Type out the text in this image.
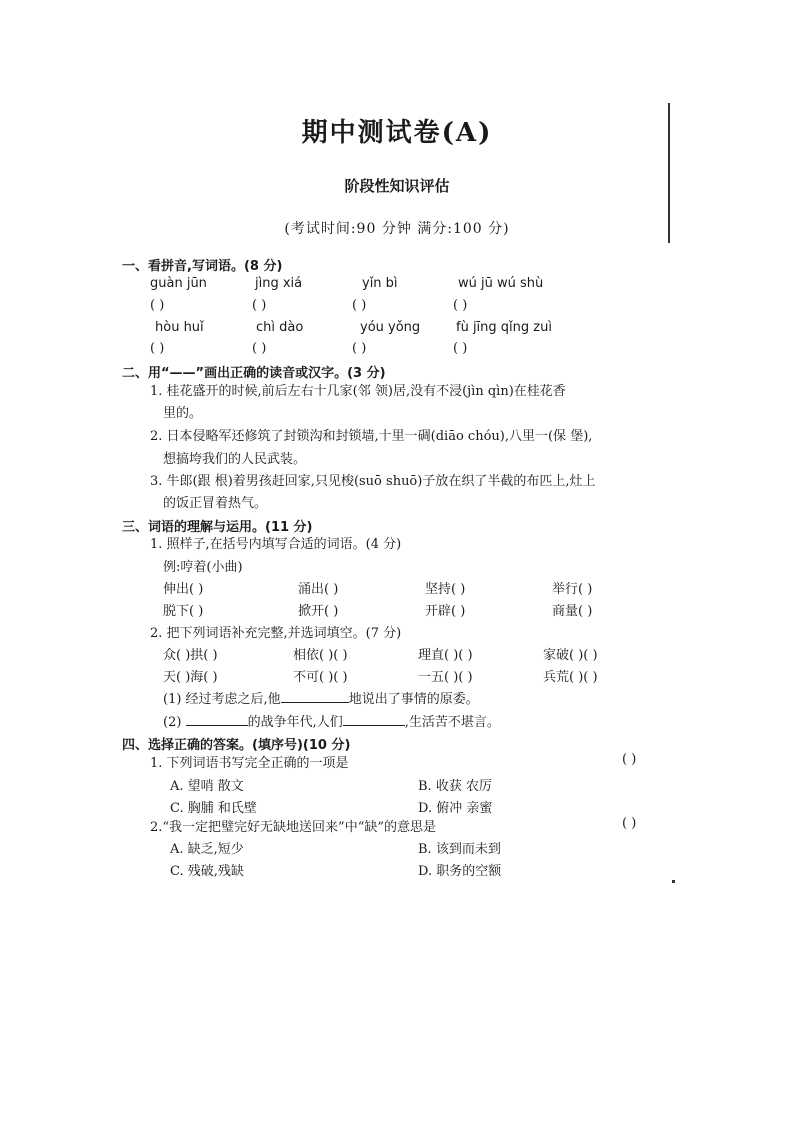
期中测试卷(A)
阶段性知识评估
(考试时间:90 分钟 满分:100 分)
一、看拼音,写词语。(8 分)
guàn jūn	jìng xiá	yǐn bì	wú jū wú shù
( )	( )	( )	( )
hòu huǐ	chì dào	yóu yǒng	fù jīng qǐng zuì
( )	( )	( )	( )
二、用“——”画出正确的读音或汉字。(3 分)
1. 桂花盛开的时候,前后左右十几家(邻 领)居,没有不浸(jìn qìn)在桂花香
里的。
2. 日本侵略军还修筑了封锁沟和封锁墙,十里一碉(diāo chóu),八里一(保 堡),
想搞垮我们的人民武装。
3. 牛郎(跟 根)着男孩赶回家,只见梭(suō shuō)子放在织了半截的布匹上,灶上
的饭正冒着热气。
三、词语的理解与运用。(11 分)
1. 照样子,在括号内填写合适的词语。(4 分)
例:哼着(小曲)
伸出( )	涌出( )	坚持( )	举行( )
脱下( )	掀开( )	开辟( )	商量( )
2. 把下列词语补充完整,并选词填空。(7 分)
众( )拱( )	相依( )( )	理直( )( )	家破( )( )
天( )海( )	不可( )( )	一五( )( )	兵荒( )( )
(1) 经过考虑之后,他	地说出了事情的原委。
(2)	的战争年代,人们	,生活苦不堪言。
四、选择正确的答案。(填序号)(10 分)
1. 下列词语书写完全正确的一项是	( )
A. 望哨 散文	B. 收获 农厉
C. 胸脯 和氏壁	D. 俯冲 亲蜜
2.“我一定把璧完好无缺地送回来”中“缺”的意思是	( )
A. 缺乏,短少	B. 该到而未到
C. 残破,残缺	D. 职务的空额
